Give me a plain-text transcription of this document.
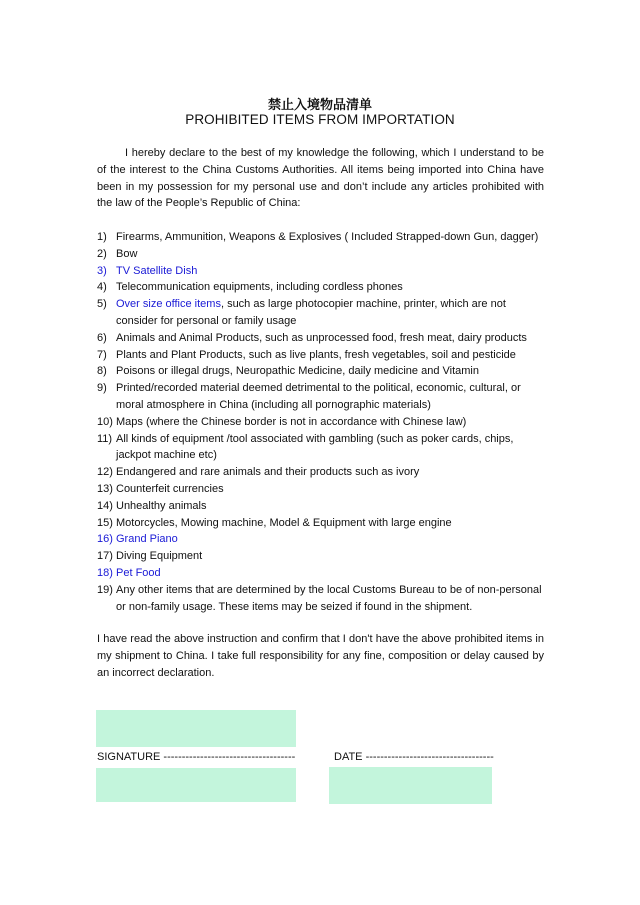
禁止入境物品清单
PROHIBITED ITEMS FROM IMPORTATION
I hereby declare to the best of my knowledge the following, which I understand to be of the interest to the China Customs Authorities. All items being imported into China have been in my possession for my personal use and don’t include any articles prohibited with the law of the People’s Republic of China:
1) Firearms, Ammunition, Weapons & Explosives ( Included Strapped-down Gun, dagger)
2) Bow
3) TV Satellite Dish
4) Telecommunication equipments, including cordless phones
5) Over size office items, such as large photocopier machine, printer, which are not consider for personal or family usage
6) Animals and Animal Products, such as unprocessed food, fresh meat, dairy products
7) Plants and Plant Products, such as live plants, fresh vegetables, soil and pesticide
8) Poisons or illegal drugs, Neuropathic Medicine, daily medicine and Vitamin
9) Printed/recorded material deemed detrimental to the political, economic, cultural, or moral atmosphere in China (including all pornographic materials)
10) Maps (where the Chinese border is not in accordance with Chinese law)
11) All kinds of equipment /tool associated with gambling (such as poker cards, chips, jackpot machine etc)
12) Endangered and rare animals and their products such as ivory
13) Counterfeit currencies
14) Unhealthy animals
15) Motorcycles, Mowing machine, Model & Equipment with large engine
16) Grand Piano
17) Diving Equipment
18) Pet Food
19) Any other items that are determined by the local Customs Bureau to be of non-personal or non-family usage. These items may be seized if found in the shipment.
I have read the above instruction and confirm that I don't have the above prohibited items in my shipment to China. I take full responsibility for any fine, composition or delay caused by an incorrect declaration.
SIGNATURE ------------------------------------	DATE -----------------------------------
